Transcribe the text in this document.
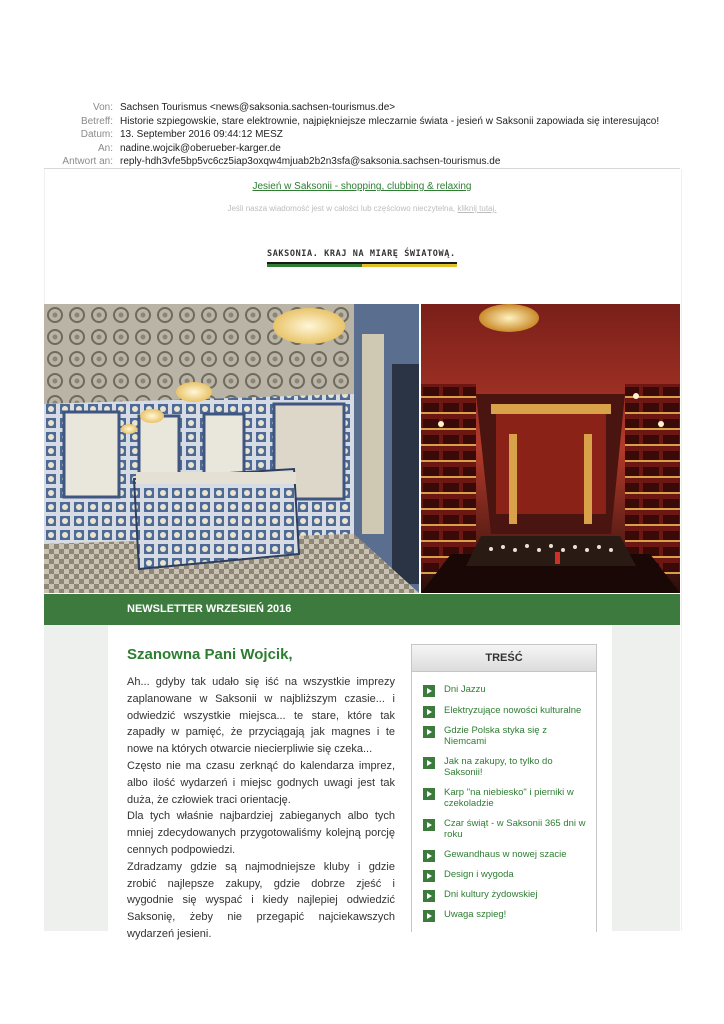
Von: Sachsen Tourismus <news@saksonia.sachsen-tourismus.de>
Betreff: Historie szpiegowskie, stare elektrownie, najpiękniejsze mleczarnie świata - jesień w Saksonii zapowiada się interesująco!
Datum: 13. September 2016 09:44:12 MESZ
An: nadine.wojcik@oberueber-karger.de
Antwort an: reply-hdh3vfe5bp5vc6cz5iap3oxqw4mjuab2b2n3sfa@saksonia.sachsen-tourismus.de
Jesień w Saksonii - shopping, clubbing & relaxing
Jeśli nasza wiadomość jest w całości lub częściowo nieczytelna, kliknij tutaj.
SAKSONIA. KRAJ NA MIARĘ ŚWIATOWĄ.
NEWSLETTER WRZESIEŃ 2016
Szanowna Pani Wojcik,

Ah... gdyby tak udało się iść na wszystkie imprezy zaplanowane w Saksonii w najbliższym czasie... i odwiedzić wszystkie miejsca... te stare, które tak zapadły w pamięć, że przyciągają jak magnes i te nowe na których otwarcie niecierpliwie się czeka...

Często nie ma czasu zerknąć do kalendarza imprez, albo ilość wydarzeń i miejsc godnych uwagi jest tak duża, że człowiek traci orientację.

Dla tych właśnie najbardziej zabieganych albo tych mniej zdecydowanych przygotowaliśmy kolejną porcję cennych podpowiedzi.

Zdradzamy gdzie są najmodniejsze kluby i gdzie zrobić najlepsze zakupy, gdzie dobrze zjeść i wygodnie się wyspać i kiedy najlepiej odwiedzić Saksonię, żeby nie przegapić najciekawszych wydarzeń jesieni.

TREŚĆ
Dni Jazzu
Elektryzujące nowości kulturalne
Gdzie Polska styka się z Niemcami
Jak na zakupy, to tylko do Saksonii!
Karp "na niebiesko" i pierniki w czekoladzie
Czar świąt - w Saksonii 365 dni w roku
Gewandhaus w nowej szacie
Design i wygoda
Dni kultury żydowskiej
Uwaga szpieg!
